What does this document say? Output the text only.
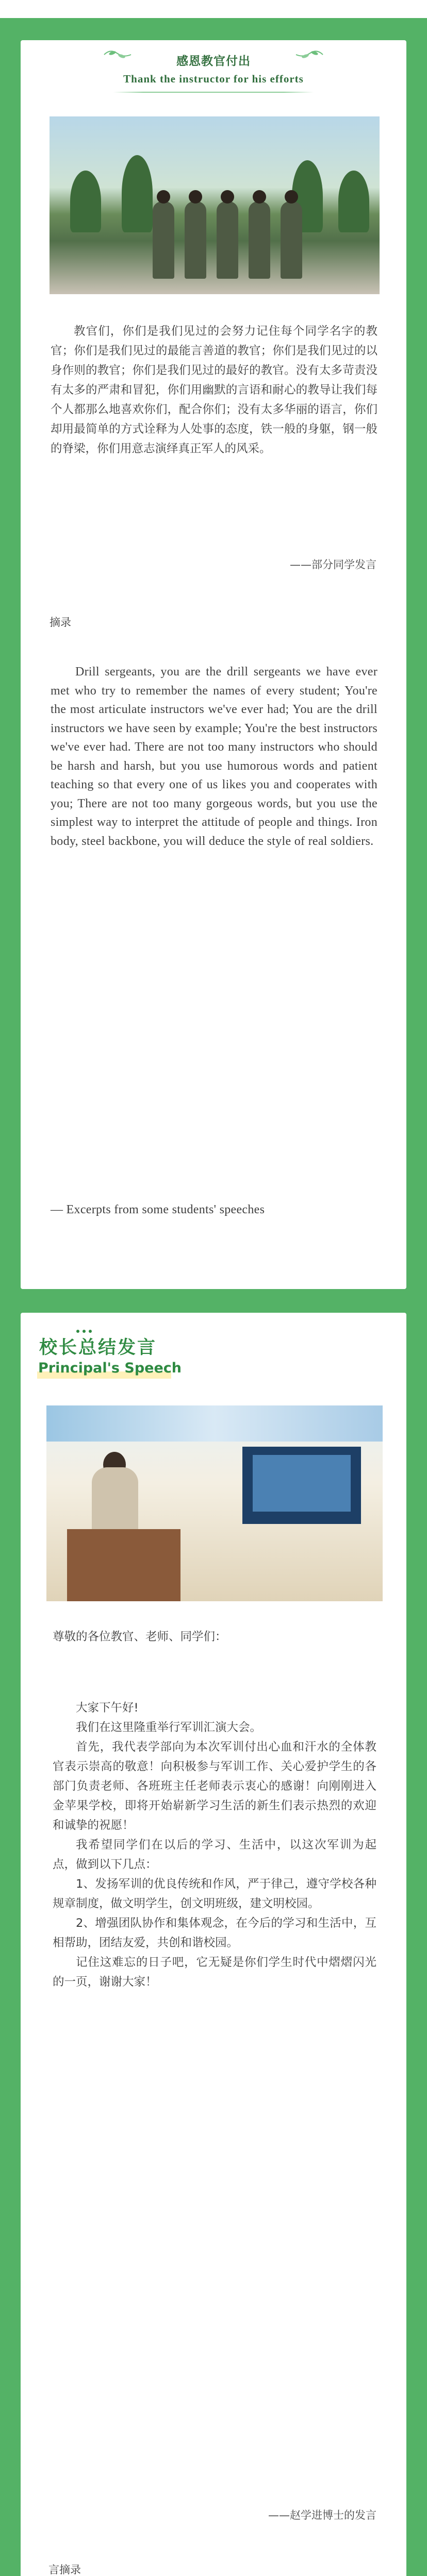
感恩教官付出
Thank the instructor for his efforts
教官们，你们是我们见过的会努力记住每个同学名字的教官；你们是我们见过的最能言善道的教官；你们是我们见过的以身作则的教官；你们是我们见过的最好的教官。没有太多苛责没有太多的严肃和冒犯，你们用幽默的言语和耐心的教导让我们每个人都那么地喜欢你们，配合你们；没有太多华丽的语言，你们却用最简单的方式诠释为人处事的态度，铁一般的身躯，钢一般的脊梁，你们用意志演绎真正军人的风采。
——部分同学发言
摘录
Drill sergeants, you are the drill sergeants we have ever met who try to remember the names of every student; You're the most articulate instructors we've ever had; You are the drill instructors we have seen by example; You're the best instructors we've ever had. There are not too many instructors who should be harsh and harsh, but you use humorous words and patient teaching so that every one of us likes you and cooperates with you; There are not too many gorgeous words, but you use the simplest way to interpret the attitude of people and things. Iron body, steel backbone, you will deduce the style of real soldiers.
— Excerpts from some students' speeches
校长总结发言
Principal's Speech
尊敬的各位教官、老师、同学们：

大家下午好!

我们在这里隆重举行军训汇演大会。

首先，我代表学部向为本次军训付出心血和汗水的全体教官表示崇高的敬意！向积极参与军训工作、关心爱护学生的各部门负责老师、各班班主任老师表示衷心的感谢！向刚刚进入金苹果学校，即将开始崭新学习生活的新生们表示热烈的欢迎和诚挚的祝愿！

我希望同学们在以后的学习、生活中，以这次军训为起点，做到以下几点：

1、发扬军训的优良传统和作风，严于律己，遵守学校各种规章制度，做文明学生，创文明班级，建文明校园。

2、增强团队协作和集体观念，在今后的学习和生活中，互相帮助，团结友爱，共创和谐校园。

记住这难忘的日子吧，它无疑是你们学生时代中熠熠闪光的一页，谢谢大家！

——赵学进博士的发言
言摘录
